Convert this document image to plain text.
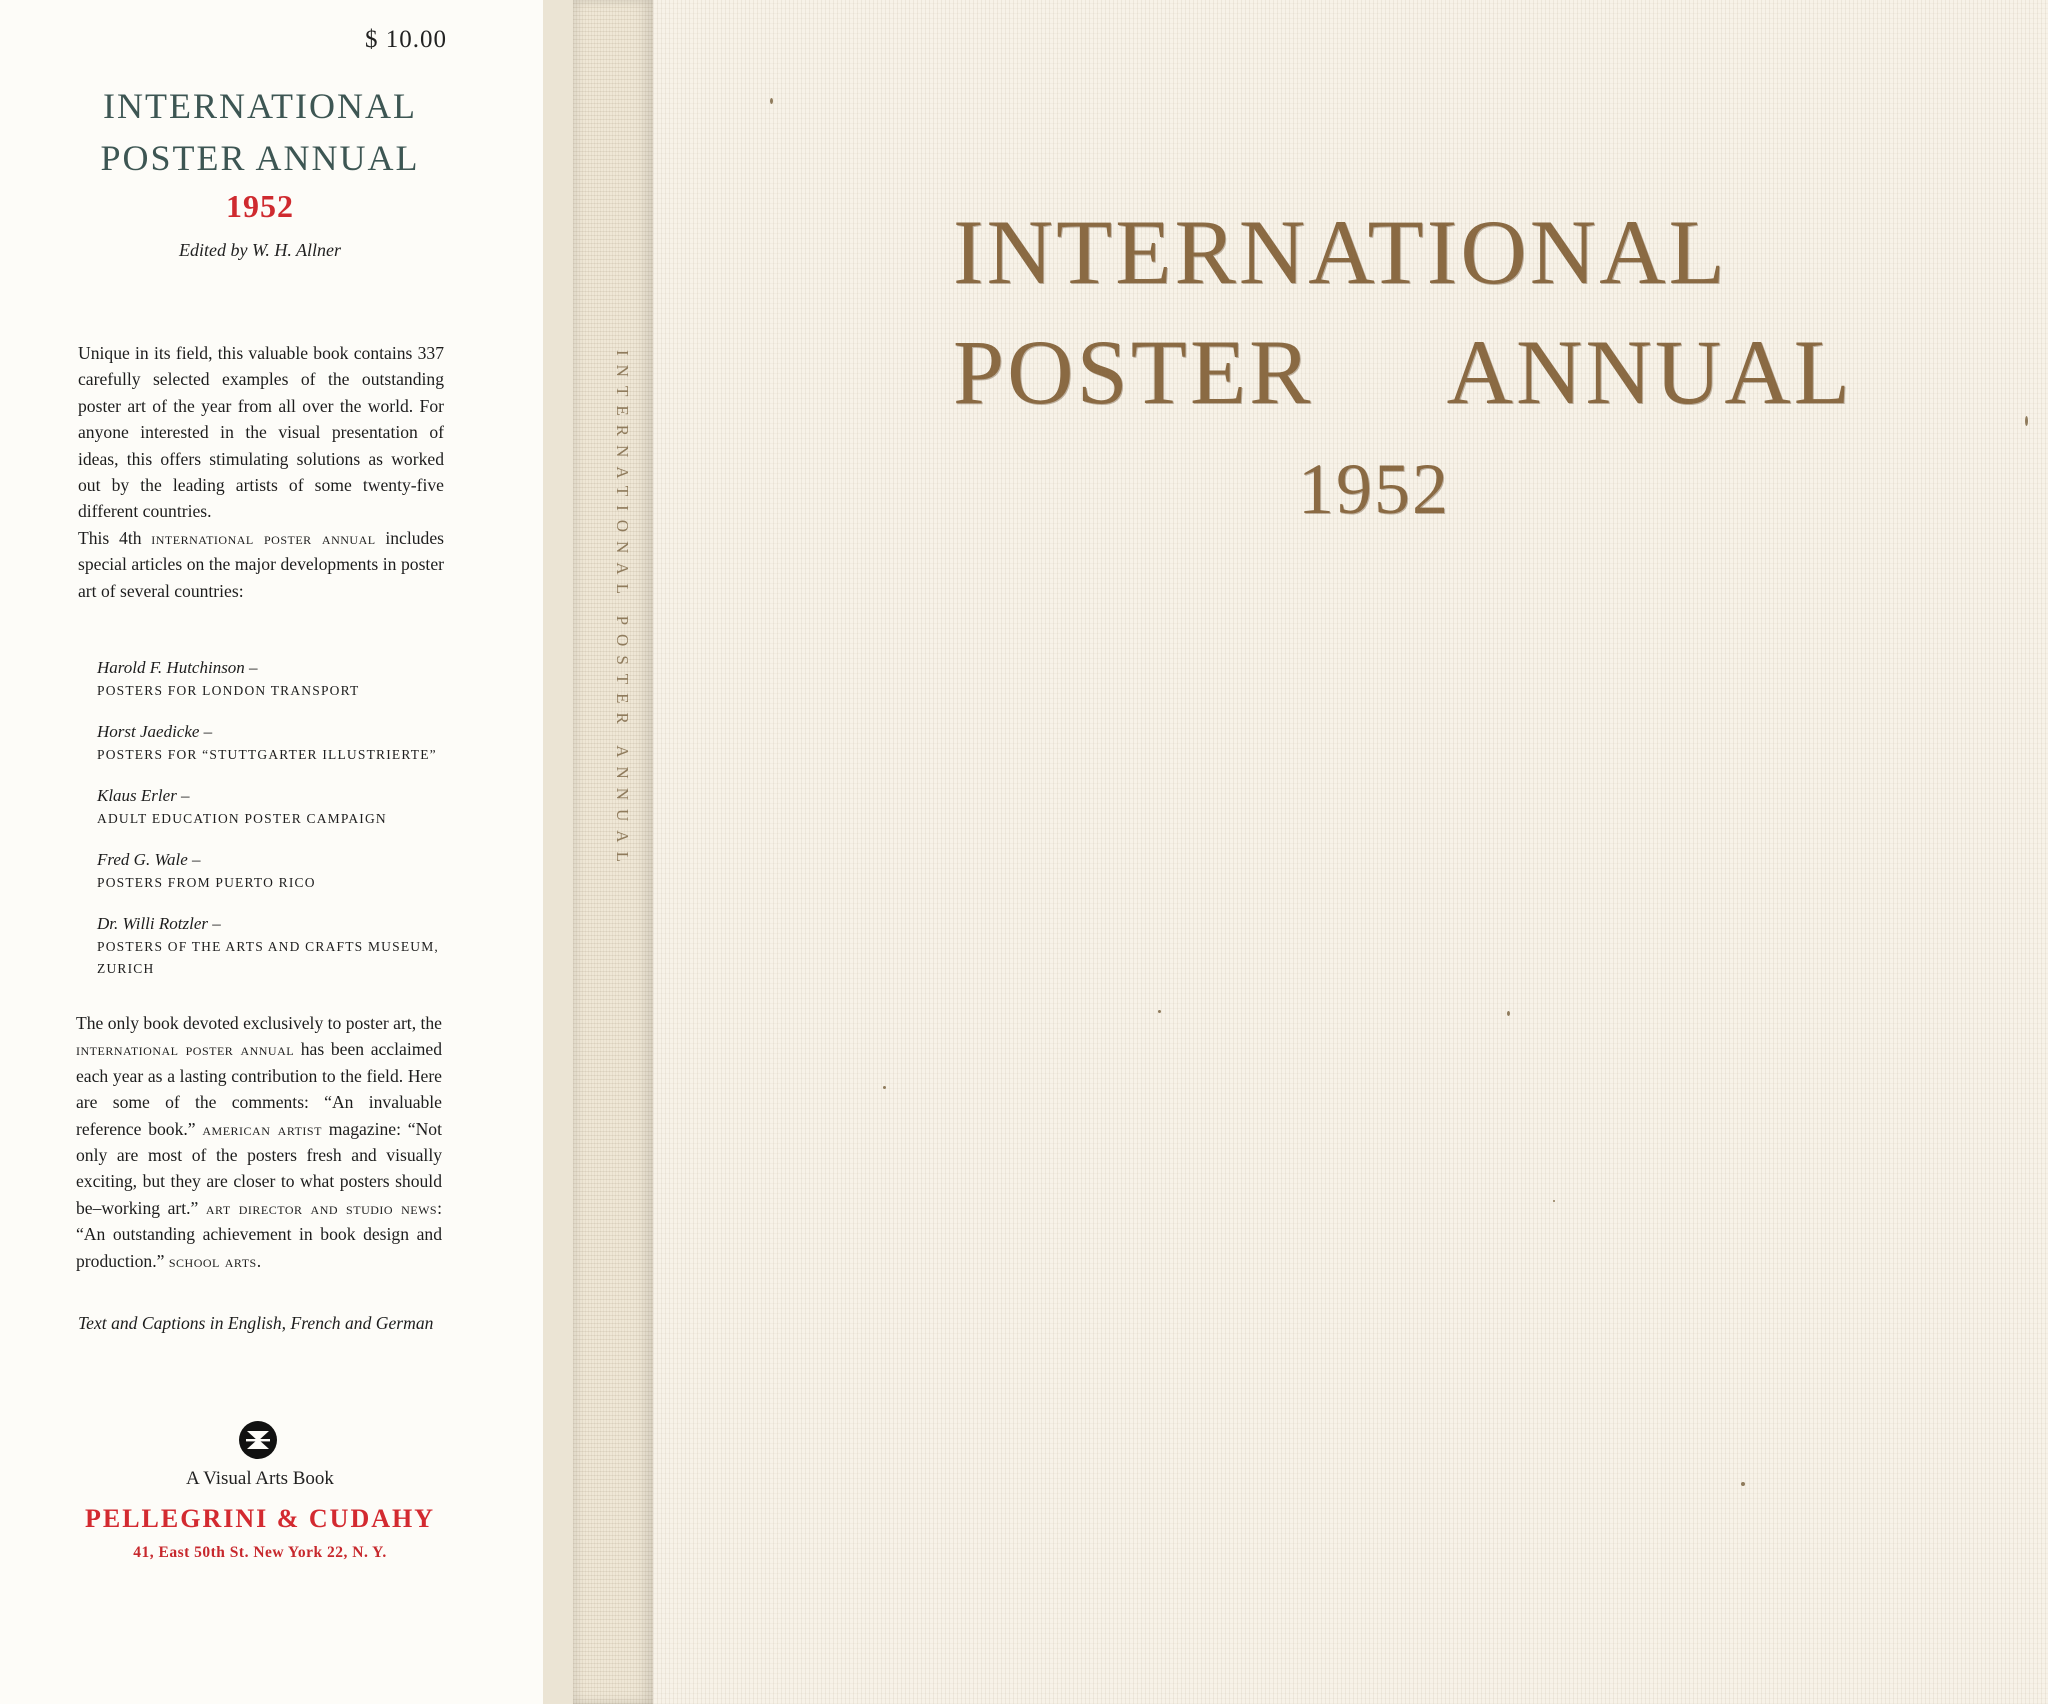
$ 10.00
INTERNATIONAL
POSTER ANNUAL
1952
Edited by W. H. Allner

Unique in its field, this valuable book contains 337 carefully selected examples of the outstanding poster art of the year from all over the world. For anyone interested in the visual presentation of ideas, this offers stimulating solutions as worked out by the leading artists of some twenty-five different countries.

This 4th international poster annual includes special articles on the major developments in poster art of several countries:

Harold F. Hutchinson –
POSTERS FOR LONDON TRANSPORT
Horst Jaedicke –
POSTERS FOR “STUTTGARTER ILLUSTRIERTE”
Klaus Erler –
ADULT EDUCATION POSTER CAMPAIGN
Fred G. Wale –
POSTERS FROM PUERTO RICO
Dr. Willi Rotzler –
POSTERS OF THE ARTS AND CRAFTS MUSEUM, ZURICH

The only book devoted exclusively to poster art, the international poster annual has been acclaimed each year as a lasting contribution to the field. Here are some of the comments: “An invaluable reference book.” american artist magazine: “Not only are most of the posters fresh and visually exciting, but they are closer to what posters should be–working art.” art director and studio news: “An outstanding achievement in book design and production.” school arts.

Text and Captions in English, French and German
A Visual Arts Book
PELLEGRINI & CUDAHY
41, East 50th St. New York 22, N. Y.
INTERNATIONAL POSTER ANNUAL
INTERNATIONAL
POSTER ANNUAL
1952
